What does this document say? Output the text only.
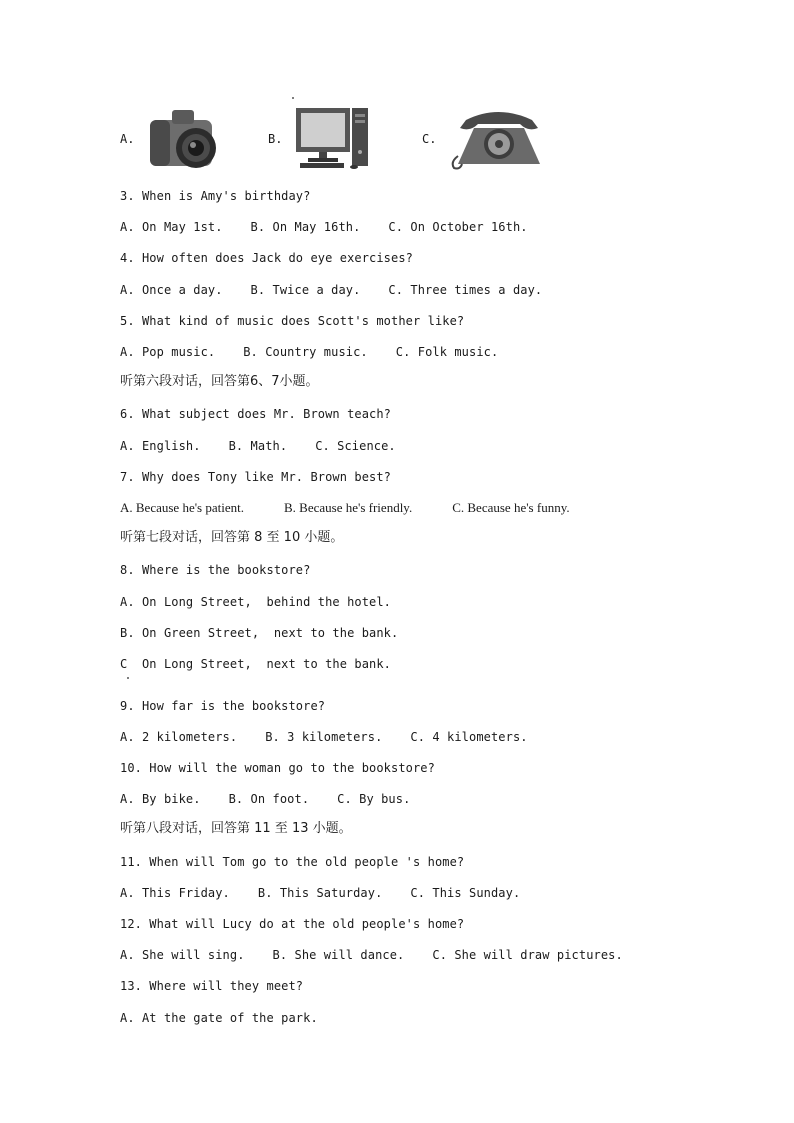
A.	B.	C.
3. When is Amy's birthday?
A. On May 1st. B. On May 16th. C. On October 16th.
4. How often does Jack do eye exercises?
A. Once a day. B. Twice a day. C. Three times a day.
5. What kind of music does Scott's mother like?
A. Pop music. B. Country music. C. Folk music.
听第六段对话，回答第6、7小题。
6. What subject does Mr. Brown teach?
A. English. B. Math. C. Science.
7. Why does Tony like Mr. Brown best?
A. Because he's patient.	B. Because he's friendly.	C. Because he's funny.
听第七段对话，回答第 8 至 10 小题。
8. Where is the bookstore?
A. On Long Street,  behind the hotel.
B. On Green Street,  next to the bank.
C  On Long Street,  next to the bank.
9. How far is the bookstore?
A. 2 kilometers. B. 3 kilometers. C. 4 kilometers.
10. How will the woman go to the bookstore?
A. By bike. B. On foot. C. By bus.
听第八段对话，回答第 11 至 13 小题。
11. When will Tom go to the old people 's home?
A. This Friday. B. This Saturday. C. This Sunday.
12. What will Lucy do at the old people's home?
A. She will sing. B. She will dance. C. She will draw pictures.
13. Where will they meet?
A. At the gate of the park.
